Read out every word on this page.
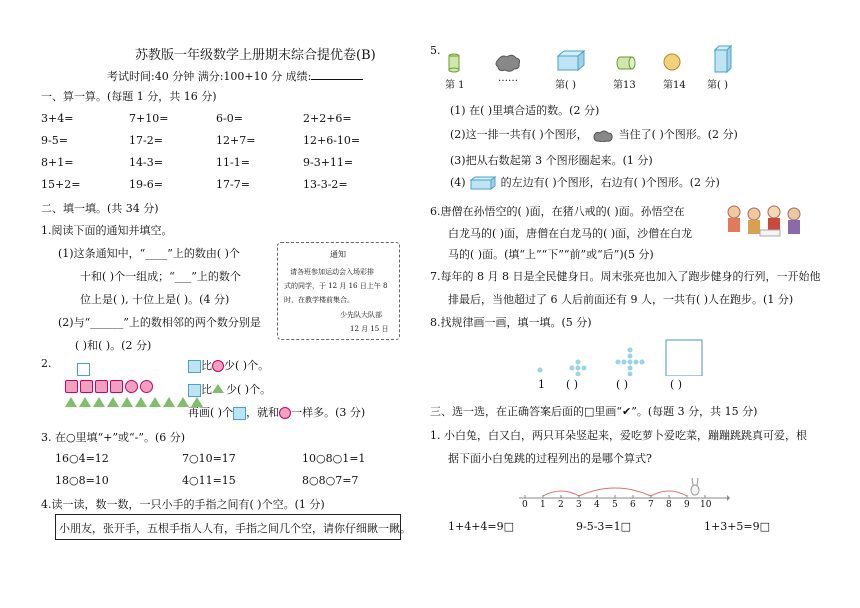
苏教版一年级数学上册期末综合提优卷(B)
考试时间:40 分钟 满分:100+10 分 成绩:
一、算一算。(每题 1 分，共 16 分)
3+4=	7+10=	6-0=	2+2+6=
9-5=	17-2=	12+7=	12+6-10=
8+1=	14-3=	11-1=	9-3+11=
15+2=	19-6=	17-7=	13-3-2=
二、填一填。(共 34 分)
1.阅读下面的通知并填空。
(1)这条通知中，“____”上的数由( )个
十和( )个一组成；“___”上的数个
位上是( ), 十位上是( )。(4 分)
(2)与“______”上的数相邻的两个数分别是
( )和( )。(2 分)
通知
请各班参加运动会入场彩排
式的同学，于 12 月 16 日上午 8
时，在教学楼前集合。
少先队大队部
12 月 15 日
2.	比 少( )个。
比 少( )个。
再画( )个 ，就和 一样多。(3 分)
3. 在○里填“+”或“-”。(6 分)
16○4=12	7○10=17	10○8○1=1
18○8=10	4○11=15	8○8○7=7
4.读一读，数一数，一只小手的手指之间有( )个空。(1 分)
小朋友，张开手，五根手指人人有，手指之间几个空，请你仔细瞅一瞅。
5.
第 1
……
第( )	第13	第14 第( )
(1) 在( )里填合适的数。(2 分)
(2)这一排一共有( )个图形，	当住了( )个图形。(2 分)
(3)把从右数起第 3 个图形圈起来。(1 分)
(4)	的左边有( )个图形，右边有( )个图形。(2 分)
6.唐僧在孙悟空的( )面，在猪八戒的( )面。孙悟空在
白龙马的( )面，唐僧在白龙马的( )面，沙僧在白龙
马的( )面。(填“上”“下”“前”或“后”)(5 分)
7.每年的 8 月 8 日是全民健身日。周末张亮也加入了跑步健身的行列，一开始他
排最后，当他超过了 6 人后前面还有 9 人，一共有( )人在跑步。(1 分)
8.找规律画一画，填一填。(5 分)
1 ( )	( )	( )
三、选一选，在正确答案后面的□里画“✔”。(每题 3 分，共 15 分)
1. 小白兔，白又白，两只耳朵竖起来，爱吃萝卜爱吃菜，蹦蹦跳跳真可爱，根
据下面小白兔跳的过程列出的是哪个算式?
0 1 2 3 4 5 6 7 8 9 10
1+4+4=9□	9-5-3=1□	1+3+5=9□
